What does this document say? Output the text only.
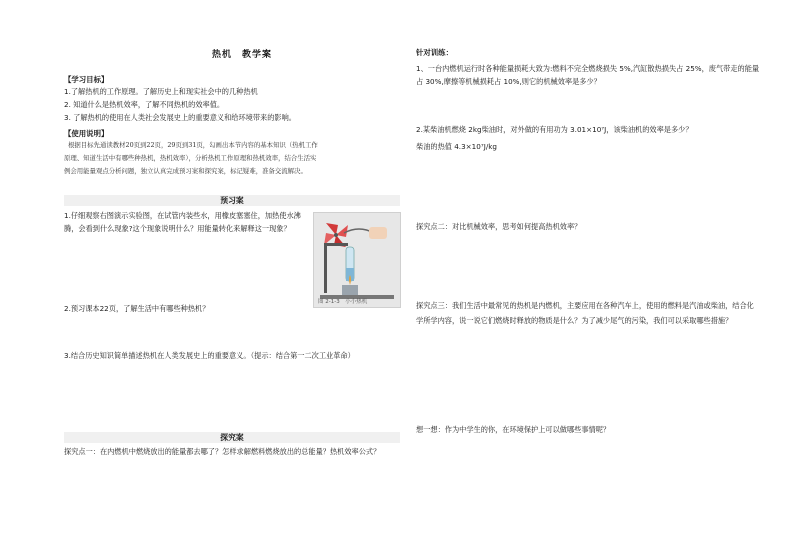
热机　教学案
【学习目标】
1.了解热机的工作原理。了解历史上和现实社会中的几种热机
2. 知道什么是热机效率，了解不同热机的效率值。
3. 了解热机的使用在人类社会发展史上的重要意义和给环境带来的影响。
【使用说明】
根据目标先通读教材20页到22页，29页到31页，勾画出本节内容的基本知识（热机工作
原理、知道生活中有哪些种热机，热机效率），分析热机工作原理和热机效率，结合生活实
例会用能量观点分析问题，独立认真完成预习案和探究案，标记疑难，准备交流解决。
预习案
1.仔细观察右图演示实验图，在试管内装些水，用橡皮塞塞住，加热使水沸腾，会看到什么现象?这个现象说明什么？用能量转化来解释这一现象？
图 2-1-3　小小热机
2.预习课本22页，了解生活中有哪些种热机？
3.结合历史知识简单描述热机在人类发展史上的重要意义。（提示：结合第一二次工业革命）
探究案
探究点一：在内燃机中燃烧放出的能量都去哪了？怎样求解燃料燃烧放出的总能量？热机效率公式？
针对训练：
1、一台内燃机运行时各种能量损耗大致为:燃料不完全燃烧损失 5%,汽缸散热损失占 25%，废气带走的能量占 30%,摩擦等机械损耗占 10%,则它的机械效率是多少？
2.某柴油机燃烧 2kg柴油时，对外做的有用功为 3.01×10⁷J，该柴油机的效率是多少？
柴油的热值 4.3×10⁷J/kg
探究点二：对比机械效率，思考如何提高热机效率？
探究点三：我们生活中最常见的热机是内燃机，主要应用在各种汽车上，使用的燃料是汽油或柴油，结合化学所学内容，说一说它们燃烧时释放的物质是什么？为了减少尾气的污染，我们可以采取哪些措施？
想一想：作为中学生的你，在环境保护上可以做哪些事情呢？
